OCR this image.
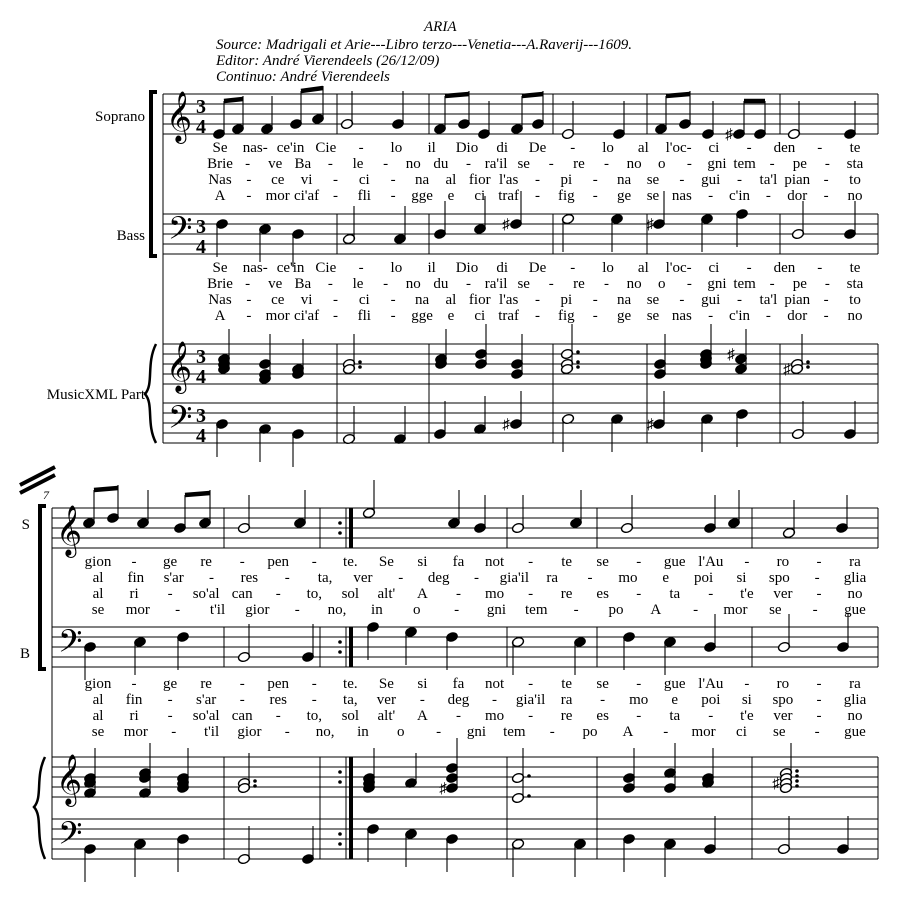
ARIA
Source: Madrigali et Arie---Libro terzo---Venetia---A.Raverij---1609.
Editor: André Vierendeels (26/12/09)
Continuo: André Vierendeels
𝄞
𝄢
𝄞
𝄢
3
4
3
4
3
4
3
4
Soprano
Bass
MusicXML Part
♯
Se nas- ce'in Cie - lo il Dio di De - lo al l'oc- ci - den - te
Brie - ve Ba - le - no du - ra'il se - re - no o - gni tem - pe - sta
Nas - ce vi - ci - na al fior l'as - pi - na se - gui - ta'l pian - to
A - mor ci'af - fli - gge e ci traf - fig - ge se nas - c'in - dor - no
♯	♯
Se nas- ce'in Cie - lo il Dio di De - lo al l'oc- ci - den - te
Brie - ve Ba - le - no du - ra'il se - re - no o - gni tem - pe - sta
Nas - ce vi - ci - na al fior l'as - pi - na se - gui - ta'l pian - to
A - mor ci'af - fli - gge e ci traf - fig - ge se nas - c'in - dor - no
♯
♯
♯	♯
7
𝄞
𝄢
𝄞
𝄢
S
B
gion - ge re - pen - te. Se si fa not - te se - gue l'Au - ro - ra
al fin s'ar - res - ta, ver - deg - gia'il ra - mo e poi si spo - glia
al ri - so'al can - to, sol alt' A - mo - re es - ta - t'e ver - no
se mor - t'il gior - no, in o - gni tem - po A - mor se - gue
gion - ge re - pen - te. Se si fa not - te se - gue l'Au - ro - ra
al fin - s'ar - res - ta, ver - deg - gia'il ra - mo e poi si spo - glia
al ri - so'al can - to, sol alt' A - mo - re es - ta - t'e ver - no
se mor - t'il gior - no, in o - gni tem - po A - mor ci se - gue
♯	♯
